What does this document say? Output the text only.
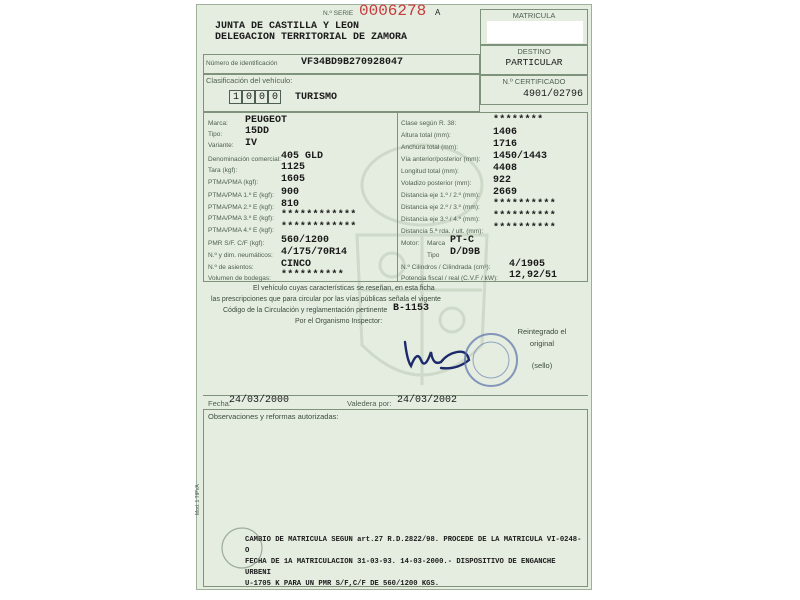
N.º SERIE 0006278 A
JUNTA DE CASTILLA Y LEON
DELEGACION TERRITORIAL DE ZAMORA
MATRICULA
DESTINO
PARTICULAR
N.º CERTIFICADO
4901/02796
Número de identificación VF34BD9B270928047
Clasificación del vehículo:
1 0 0 0 TURISMO
Marca: PEUGEOT
Tipo: 15DD
Variante: IV
Denominación comercial: 405 GLD
Tara (kgf):	1125
PTMA/PMA (kgf): 1605
PTMA/PMA 1.º E (kgf): 900
PTMA/PMA 2.º E (kgf): 810
PTMA/PMA 3.º E (kgf): ************
PTMA/PMA 4.º E (kgf): ************
PMR S/F. C/F (kgf): 560/1200
N.º y dim. neumáticos: 4/175/70R14
N.º de asientos:	CINCO
Volumen de bodegas: **********
Clase según R. 38:	********
Altura total (mm):	1406
Anchura total (mm):	1716
Vía anterior/posterior (mm): 1450/1443
Longitud total (mm):	4408
Voladizo posterior (mm): 922
Distancia eje 1.º / 2.º (mm): 2669
Distancia eje 2.º / 3.º (mm): **********
Distancia eje 3.º / 4.º (mm): **********
Distancia 5.ª rda. / ult. (mm): **********
Motor: Marca PT-C
Tipo D/D9B
N.º Cilindros / Cilindrada (cm³): 4/1905
Potencia fiscal / real (C.V.F / kW): 12,92/51
El vehículo cuyas características se reseñan, en esta ficha
las prescripciones que para circular por las vías públicas señala el vigente
Código de la Circulación y reglamentación pertinente B-1153
Por el Organismo Inspector:
Reintegrado el
original
(sello)
Fecha:
24/03/2000	Valedera por: 24/03/2002
Observaciones y reformas autorizadas:
CAMBIO DE MATRICULA SEGUN art.27 R.D.2822/98. PROCEDE DE LA MATRICULA VI-0248-O
FECHA DE 1A MATRICULACION 31-03-93. 14-03-2000.- DISPOSITIVO DE ENGANCHE URBENI
U-1705 K PARA UN PMR S/F,C/F DE 560/1200 KGS.
Mod. 1 TIPVA
